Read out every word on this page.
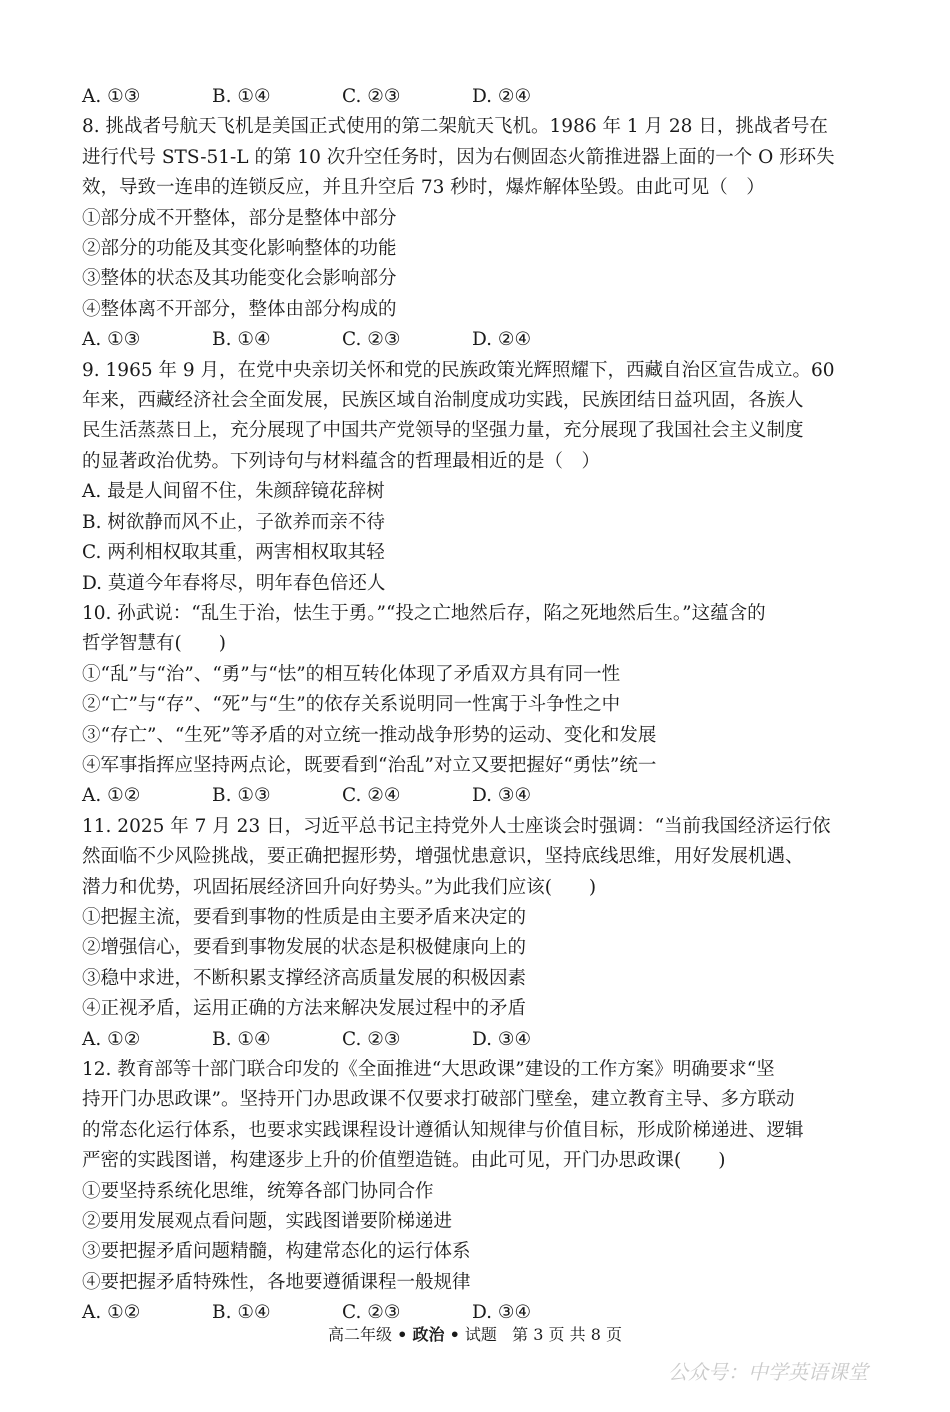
A. ①③	B. ①④	C. ②③	D. ②④
8. 挑战者号航天飞机是美国正式使用的第二架航天飞机。1986 年 1 月 28 日，挑战者号在
进行代号 STS-51-L 的第 10 次升空任务时，因为右侧固态火箭推进器上面的一个 O 形环失
效，导致一连串的连锁反应，并且升空后 73 秒时，爆炸解体坠毁。由此可见（　）
①部分成不开整体，部分是整体中部分
②部分的功能及其变化影响整体的功能
③整体的状态及其功能变化会影响部分
④整体离不开部分，整体由部分构成的
A. ①③	B. ①④	C. ②③	D. ②④
9. 1965 年 9 月，在党中央亲切关怀和党的民族政策光辉照耀下，西藏自治区宣告成立。60
年来，西藏经济社会全面发展，民族区域自治制度成功实践，民族团结日益巩固，各族人
民生活蒸蒸日上，充分展现了中国共产党领导的坚强力量，充分展现了我国社会主义制度
的显著政治优势。下列诗句与材料蕴含的哲理最相近的是（　）
A. 最是人间留不住，朱颜辞镜花辞树
B. 树欲静而风不止，子欲养而亲不待
C. 两利相权取其重，两害相权取其轻
D. 莫道今年春将尽，明年春色倍还人
10. 孙武说：“乱生于治，怯生于勇。”“投之亡地然后存，陷之死地然后生。”这蕴含的
哲学智慧有(　　)
①“乱”与“治”、“勇”与“怯”的相互转化体现了矛盾双方具有同一性
②“亡”与“存”、“死”与“生”的依存关系说明同一性寓于斗争性之中
③“存亡”、“生死”等矛盾的对立统一推动战争形势的运动、变化和发展
④军事指挥应坚持两点论，既要看到“治乱”对立又要把握好“勇怯”统一
A. ①②	B. ①③	C. ②④	D. ③④
11. 2025 年 7 月 23 日，习近平总书记主持党外人士座谈会时强调：“当前我国经济运行依
然面临不少风险挑战，要正确把握形势，增强忧患意识，坚持底线思维，用好发展机遇、
潜力和优势，巩固拓展经济回升向好势头。”为此我们应该(　　)
①把握主流，要看到事物的性质是由主要矛盾来决定的
②增强信心，要看到事物发展的状态是积极健康向上的
③稳中求进，不断积累支撑经济高质量发展的积极因素
④正视矛盾，运用正确的方法来解决发展过程中的矛盾
A. ①②	B. ①④	C. ②③	D. ③④
12. 教育部等十部门联合印发的《全面推进“大思政课”建设的工作方案》明确要求“坚
持开门办思政课”。坚持开门办思政课不仅要求打破部门壁垒，建立教育主导、多方联动
的常态化运行体系，也要求实践课程设计遵循认知规律与价值目标，形成阶梯递进、逻辑
严密的实践图谱，构建逐步上升的价值塑造链。由此可见，开门办思政课(　　)
①要坚持系统化思维，统筹各部门协同合作
②要用发展观点看问题，实践图谱要阶梯递进
③要把握矛盾问题精髓，构建常态化的运行体系
④要把握矛盾特殊性，各地要遵循课程一般规律
A. ①②	B. ①④	C. ②③	D. ③④
高二年级 • 政治 • 试题 第 3 页 共 8 页
公众号：中学英语课堂
